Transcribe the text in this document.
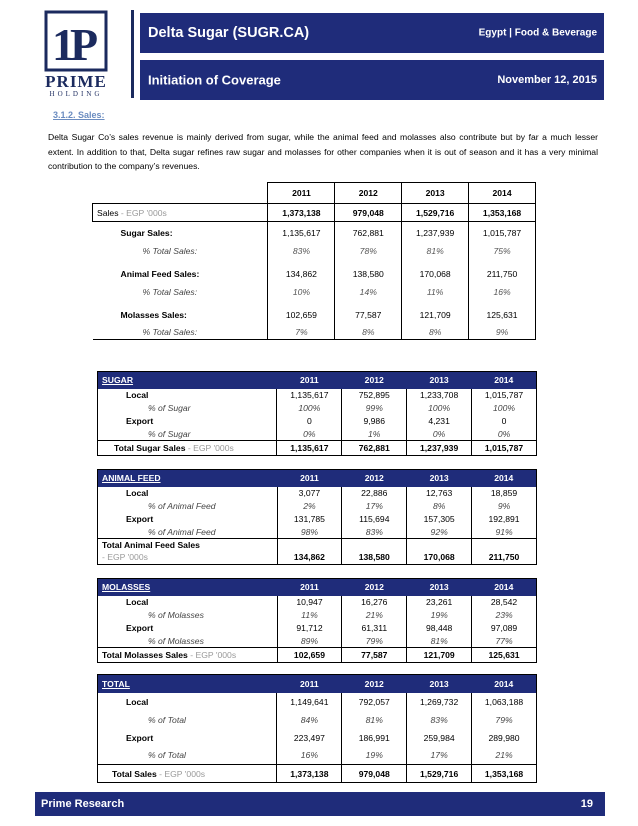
1
P
PRIME
HOLDING
Delta Sugar (SUGR.CA)	Egypt | Food & Beverage
Initiation of Coverage	November 12, 2015
3.1.2. Sales:

Delta Sugar Co’s sales revenue is mainly derived from sugar, while the animal feed and molasses also contribute but by far a much lesser extent. In addition to that, Delta sugar refines raw sugar and molasses for other companies when it is out of season and it has a very minimal contribution to the company’s revenues.

	2011	2012	2013	2014
Sales - EGP '000s	1,373,138	979,048	1,529,716	1,353,168
Sugar Sales:	1,135,617	762,881	1,237,939	1,015,787
% Total Sales:	83%	78%	81%	75%

Animal Feed Sales:	134,862	138,580	170,068	211,750
% Total Sales:	10%	14%	11%	16%

Molasses Sales:	102,659	77,587	121,709	125,631
% Total Sales:	7%	8%	8%	9%
SUGAR	2011	2012	2013	2014
Local	1,135,617	752,895	1,233,708	1,015,787
% of Sugar	100%	99%	100%	100%
Export	0	9,986	4,231	0
% of Sugar	0%	1%	0%	0%
Total Sugar Sales - EGP '000s	1,135,617	762,881	1,237,939	1,015,787
ANIMAL FEED	2011	2012	2013	2014
Local	3,077	22,886	12,763	18,859
% of Animal Feed	2%	17%	8%	9%
Export	131,785	115,694	157,305	192,891
% of Animal Feed	98%	83%	92%	91%
Total Animal Feed Sales				
- EGP '000s	134,862	138,580	170,068	211,750
MOLASSES	2011	2012	2013	2014
Local	10,947	16,276	23,261	28,542
% of Molasses	11%	21%	19%	23%
Export	91,712	61,311	98,448	97,089
% of Molasses	89%	79%	81%	77%
Total Molasses Sales - EGP '000s	102,659	77,587	121,709	125,631
TOTAL	2011	2012	2013	2014
Local	1,149,641	792,057	1,269,732	1,063,188
% of Total	84%	81%	83%	79%
Export	223,497	186,991	259,984	289,980
% of Total	16%	19%	17%	21%
Total Sales - EGP '000s	1,373,138	979,048	1,529,716	1,353,168
Prime Research	19
